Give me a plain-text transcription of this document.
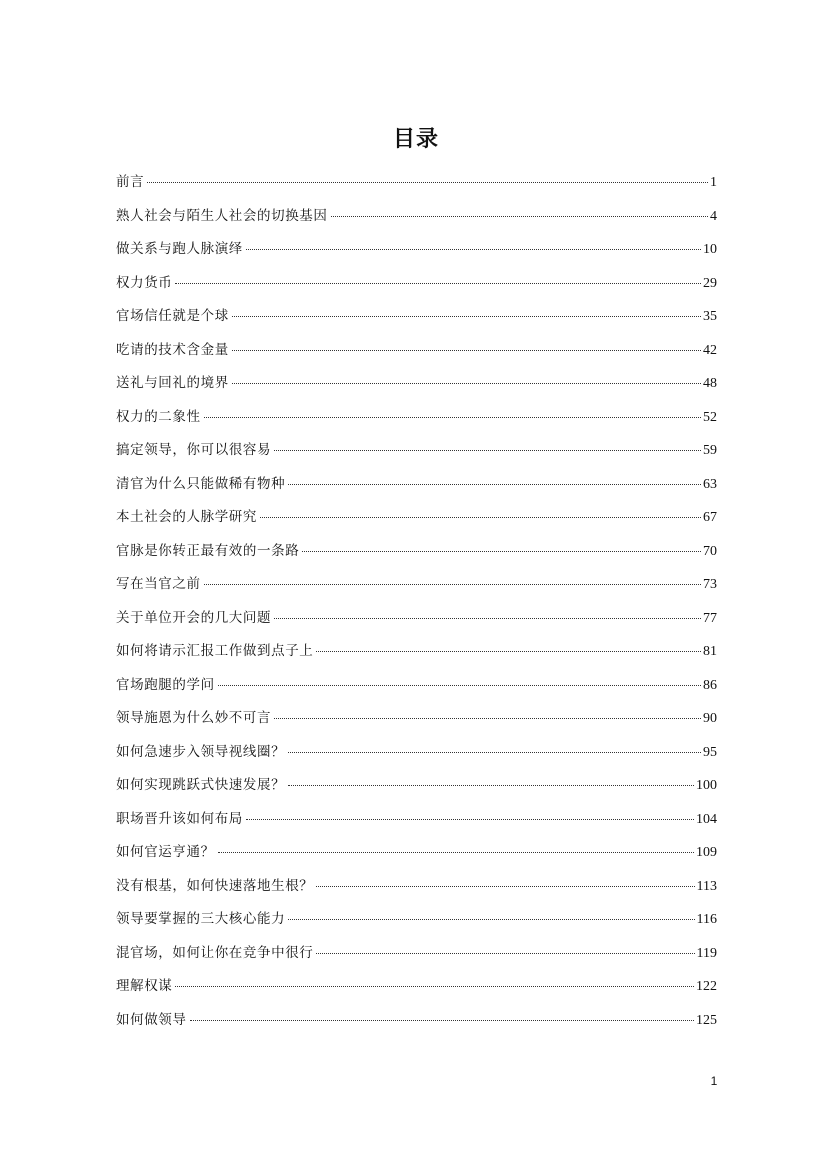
目录
前言	1
熟人社会与陌生人社会的切换基因	4
做关系与跑人脉演绎	10
权力货币	29
官场信任就是个球	35
吃请的技术含金量	42
送礼与回礼的境界	48
权力的二象性	52
搞定领导，你可以很容易	59
清官为什么只能做稀有物种	63
本土社会的人脉学研究	67
官脉是你转正最有效的一条路	70
写在当官之前	73
关于单位开会的几大问题	77
如何将请示汇报工作做到点子上	81
官场跑腿的学问	86
领导施恩为什么妙不可言	90
如何急速步入领导视线圈？	95
如何实现跳跃式快速发展？	100
职场晋升该如何布局	104
如何官运亨通？	109
没有根基，如何快速落地生根？	113
领导要掌握的三大核心能力	116
混官场，如何让你在竞争中很行	119
理解权谋	122
如何做领导	125
1
